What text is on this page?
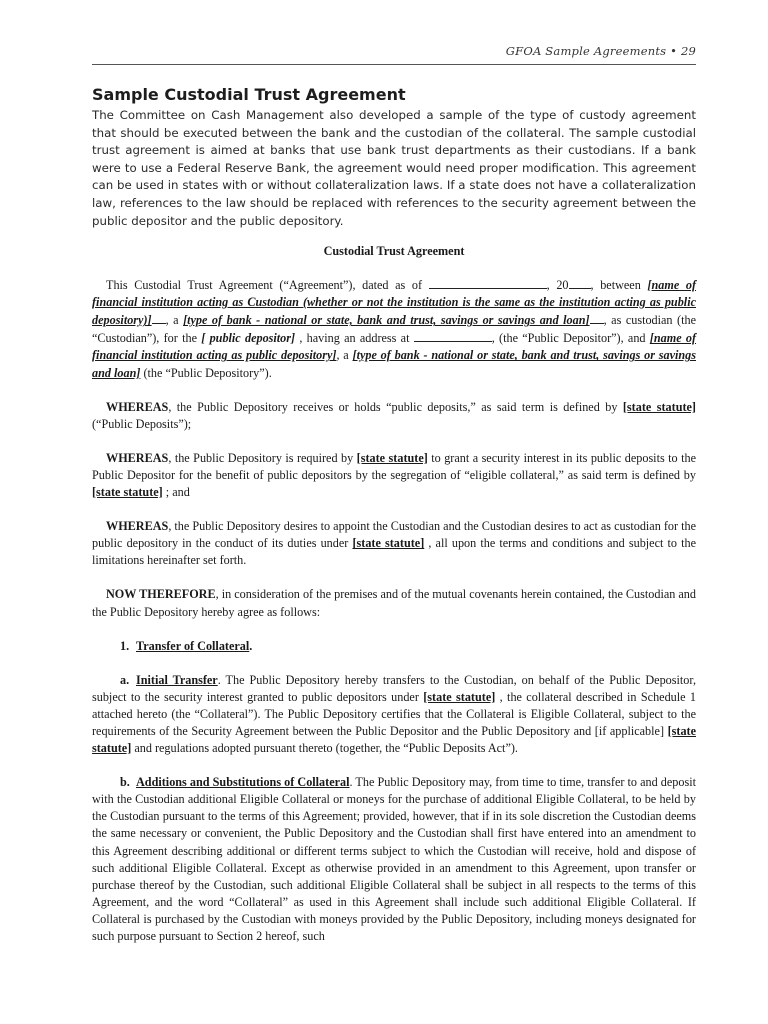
GFOA Sample Agreements • 29
Sample Custodial Trust Agreement

The Committee on Cash Management also developed a sample of the type of custody agreement that should be executed between the bank and the custodian of the collateral. The sample custodial trust agreement is aimed at banks that use bank trust departments as their custodians. If a bank were to use a Federal Reserve Bank, the agreement would need proper modification. This agreement can be used in states with or without collateralization laws. If a state does not have a collateralization law, references to the law should be replaced with references to the security agreement between the public depositor and the public depository.

Custodial Trust Agreement

This Custodial Trust Agreement (“Agreement”), dated as of	, 20 , between [name of financial institution acting as Custodian (whether or not the institution is the same as the institution acting as public depository)] , a [type of bank - national or state, bank and trust, savings or savings and loan] , as custodian (the “Custodian”), for the [ public depositor] , having an address at	, (the “Public Depositor”), and [name of financial institution acting as public depository], a [type of bank - national or state, bank and trust, savings or savings and loan] (the “Public Depository”).

WHEREAS, the Public Depository receives or holds “public deposits,” as said term is defined by [state statute] (“Public Deposits”);

WHEREAS, the Public Depository is required by [state statute] to grant a security interest in its public deposits to the Public Depositor for the benefit of public depositors by the segregation of “eligible collateral,” as said term is defined by [state statute] ; and

WHEREAS, the Public Depository desires to appoint the Custodian and the Custodian desires to act as custodian for the public depository in the conduct of its duties under [state statute] , all upon the terms and conditions and subject to the limitations hereinafter set forth.

NOW THEREFORE, in consideration of the premises and of the mutual covenants herein contained, the Custodian and the Public Depository hereby agree as follows:

1. Transfer of Collateral.

a. Initial Transfer. The Public Depository hereby transfers to the Custodian, on behalf of the Public Depositor, subject to the security interest granted to public depositors under [state statute] , the collateral described in Schedule 1 attached hereto (the “Collateral”). The Public Depository certifies that the Collateral is Eligible Collateral, subject to the requirements of the Security Agreement between the Public Depositor and the Public Depository and [if applicable] [state statute] and regulations adopted pursuant thereto (together, the “Public Deposits Act”).

b. Additions and Substitutions of Collateral. The Public Depository may, from time to time, transfer to and deposit with the Custodian additional Eligible Collateral or moneys for the purchase of additional Eligible Collateral, to be held by the Custodian pursuant to the terms of this Agreement; provided, however, that if in its sole discretion the Custodian deems the same necessary or convenient, the Public Depository and the Custodian shall first have entered into an amendment to this Agreement describing additional or different terms subject to which the Custodian will receive, hold and dispose of such additional Eligible Collateral. Except as otherwise provided in an amendment to this Agreement, upon transfer or purchase thereof by the Custodian, such additional Eligible Collateral shall be subject in all respects to the terms of this Agreement, and the word “Collateral” as used in this Agreement shall include such additional Eligible Collateral. If Collateral is purchased by the Custodian with moneys provided by the Public Depository, including moneys designated for such purpose pursuant to Section 2 hereof, such
